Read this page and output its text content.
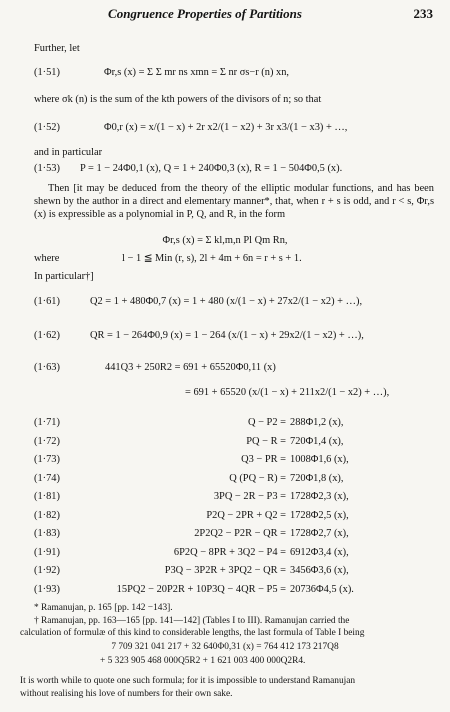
Congruence Properties of Partitions	233
Further, let
(1·51)	Φr,s (x) = Σ Σ mr ns xmn = Σ nr σs−r (n) xn,
where σk (n) is the sum of the kth powers of the divisors of n; so that
(1·52)	Φ0,r (x) = x/(1 − x) + 2r x2/(1 − x2) + 3r x3/(1 − x3) + …,
and in particular
(1·53) P = 1 − 24Φ0,1 (x), Q = 1 + 240Φ0,3 (x), R = 1 − 504Φ0,5 (x).
Then [it may be deduced from the theory of the elliptic modular functions, and has been shewn by the author in a direct and elementary manner*, that, when r + s is odd, and r < s, Φr,s (x) is expressible as a polynomial in P, Q, and R, in the form
Φr,s (x) = Σ kl,m,n Pl Qm Rn,
where	l − 1 ≦ Min (r, s), 2l + 4m + 6n = r + s + 1.
In particular†]
(1·61)	Q2 = 1 + 480Φ0,7 (x) = 1 + 480 (x/(1 − x) + 27x2/(1 − x2) + …),
(1·62)	QR = 1 − 264Φ0,9 (x) = 1 − 264 (x/(1 − x) + 29x2/(1 − x2) + …),
(1·63)	441Q3 + 250R2 = 691 + 65520Φ0,11 (x)
= 691 + 65520 (x/(1 − x) + 211x2/(1 − x2) + …),
(1·71)	Q − P2 = 288Φ1,2 (x),
(1·72)	PQ − R = 720Φ1,4 (x),
(1·73)	Q3 − PR = 1008Φ1,6 (x),
(1·74)	Q (PQ − R) = 720Φ1,8 (x),
(1·81)	3PQ − 2R − P3 = 1728Φ2,3 (x),
(1·82)	P2Q − 2PR + Q2 = 1728Φ2,5 (x),
(1·83)	2P2Q2 − P2R − QR = 1728Φ2,7 (x),
(1·91)	6P2Q − 8PR + 3Q2 − P4 = 6912Φ3,4 (x),
(1·92)	P3Q − 3P2R + 3PQ2 − QR = 3456Φ3,6 (x),
(1·93)	15PQ2 − 20P2R + 10P3Q − 4QR − P5 = 20736Φ4,5 (x).
* Ramanujan, p. 165 [pp. 142 −143].
† Ramanujan, pp. 163—165 [pp. 141—142] (Tables I to III). Ramanujan carried the
calculation of formulæ of this kind to considerable lengths, the last formula of Table I being
7 709 321 041 217 + 32 640Φ0,31 (x) = 764 412 173 217Q8
+ 5 323 905 468 000Q5R2 + 1 621 003 400 000Q2R4.
It is worth while to quote one such formula; for it is impossible to understand Ramanujan
without realising his love of numbers for their own sake.
